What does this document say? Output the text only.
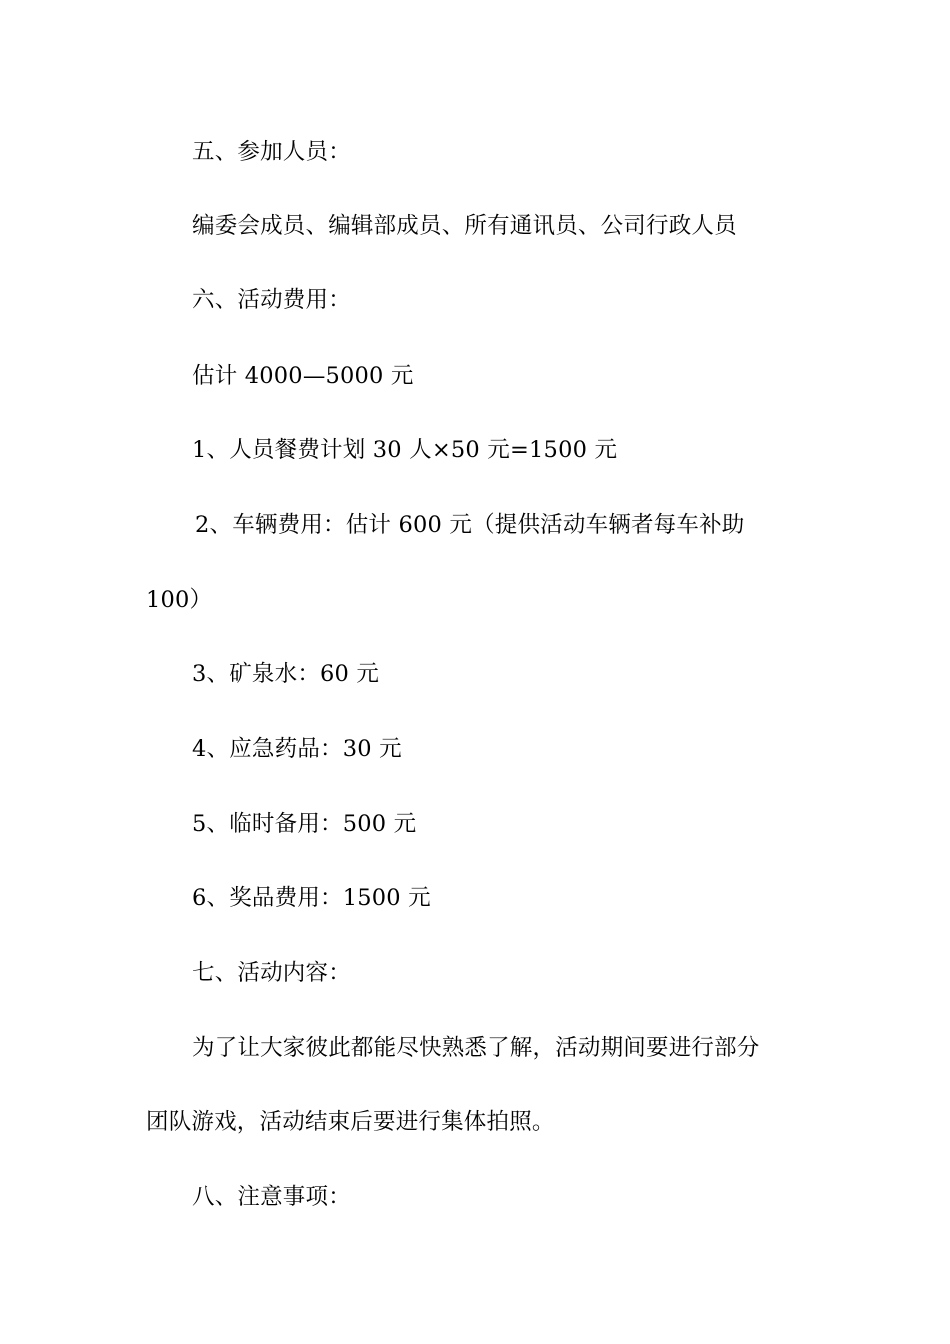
五、参加人员：
编委会成员、编辑部成员、所有通讯员、公司行政人员
六、活动费用：
估计 4000—5000 元
1、人员餐费计划 30 人×50 元=1500 元
2、车辆费用：估计 600 元（提供活动车辆者每车补助
100）
3、矿泉水：60 元
4、应急药品：30 元
5、临时备用：500 元
6、奖品费用：1500 元
七、活动内容：
为了让大家彼此都能尽快熟悉了解，活动期间要进行部分
团队游戏，活动结束后要进行集体拍照。
八、注意事项：
